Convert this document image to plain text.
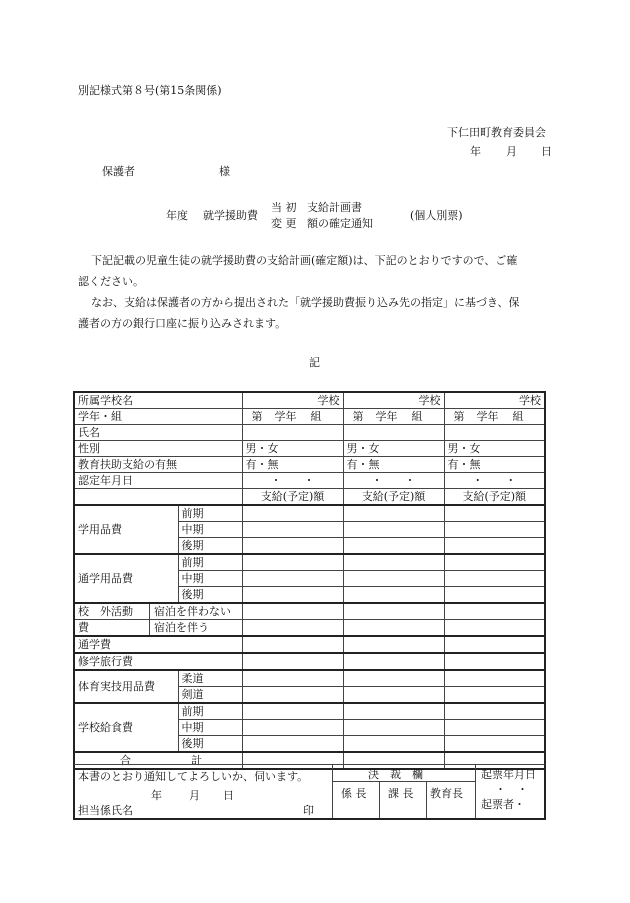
別記様式第８号(第15条関係)
下仁田町教育委員会
年 月 日
保護者	様
年度 就学援助費
当 初
変 更
支給計画書
額の確定通知
(個人別票)
下記記載の児童生徒の就学援助費の支給計画(確定額)は、下記のとおりですので、ご確
認ください。
なお、支給は保護者の方から提出された「就学援助費振り込み先の指定」に基づき、保
護者の方の銀行口座に振り込みされます。
記
所属学校名		学校	学校	学校
学年・組		第 学年 組	第 学年 組	第 学年 組
氏名				
性別		男・女	男・女	男・女
教育扶助支給の有無		有・無	有・無	有・無
認定年月日		・　　・	・　　・	・　　・
		支給(予定)額	支給(予定)額	支給(予定)額
学用品費	前期			
	中期			
	後期			
通学用品費	前期			
	中期			
	後期			

校　外活動 宿泊を伴わない				

費 宿泊を伴う				

通学費				
修学旅行費				
体育実技用品費	柔道			
	剣道			
学校給食費	前期			
	中期			
	後期			
合 計				
本書のとおり通知してよろしいか、伺います。
年 月 日
担当係氏名	印
決　裁　欄
係 長 課 長 教育長
起票年月日
・　・
起票者・
